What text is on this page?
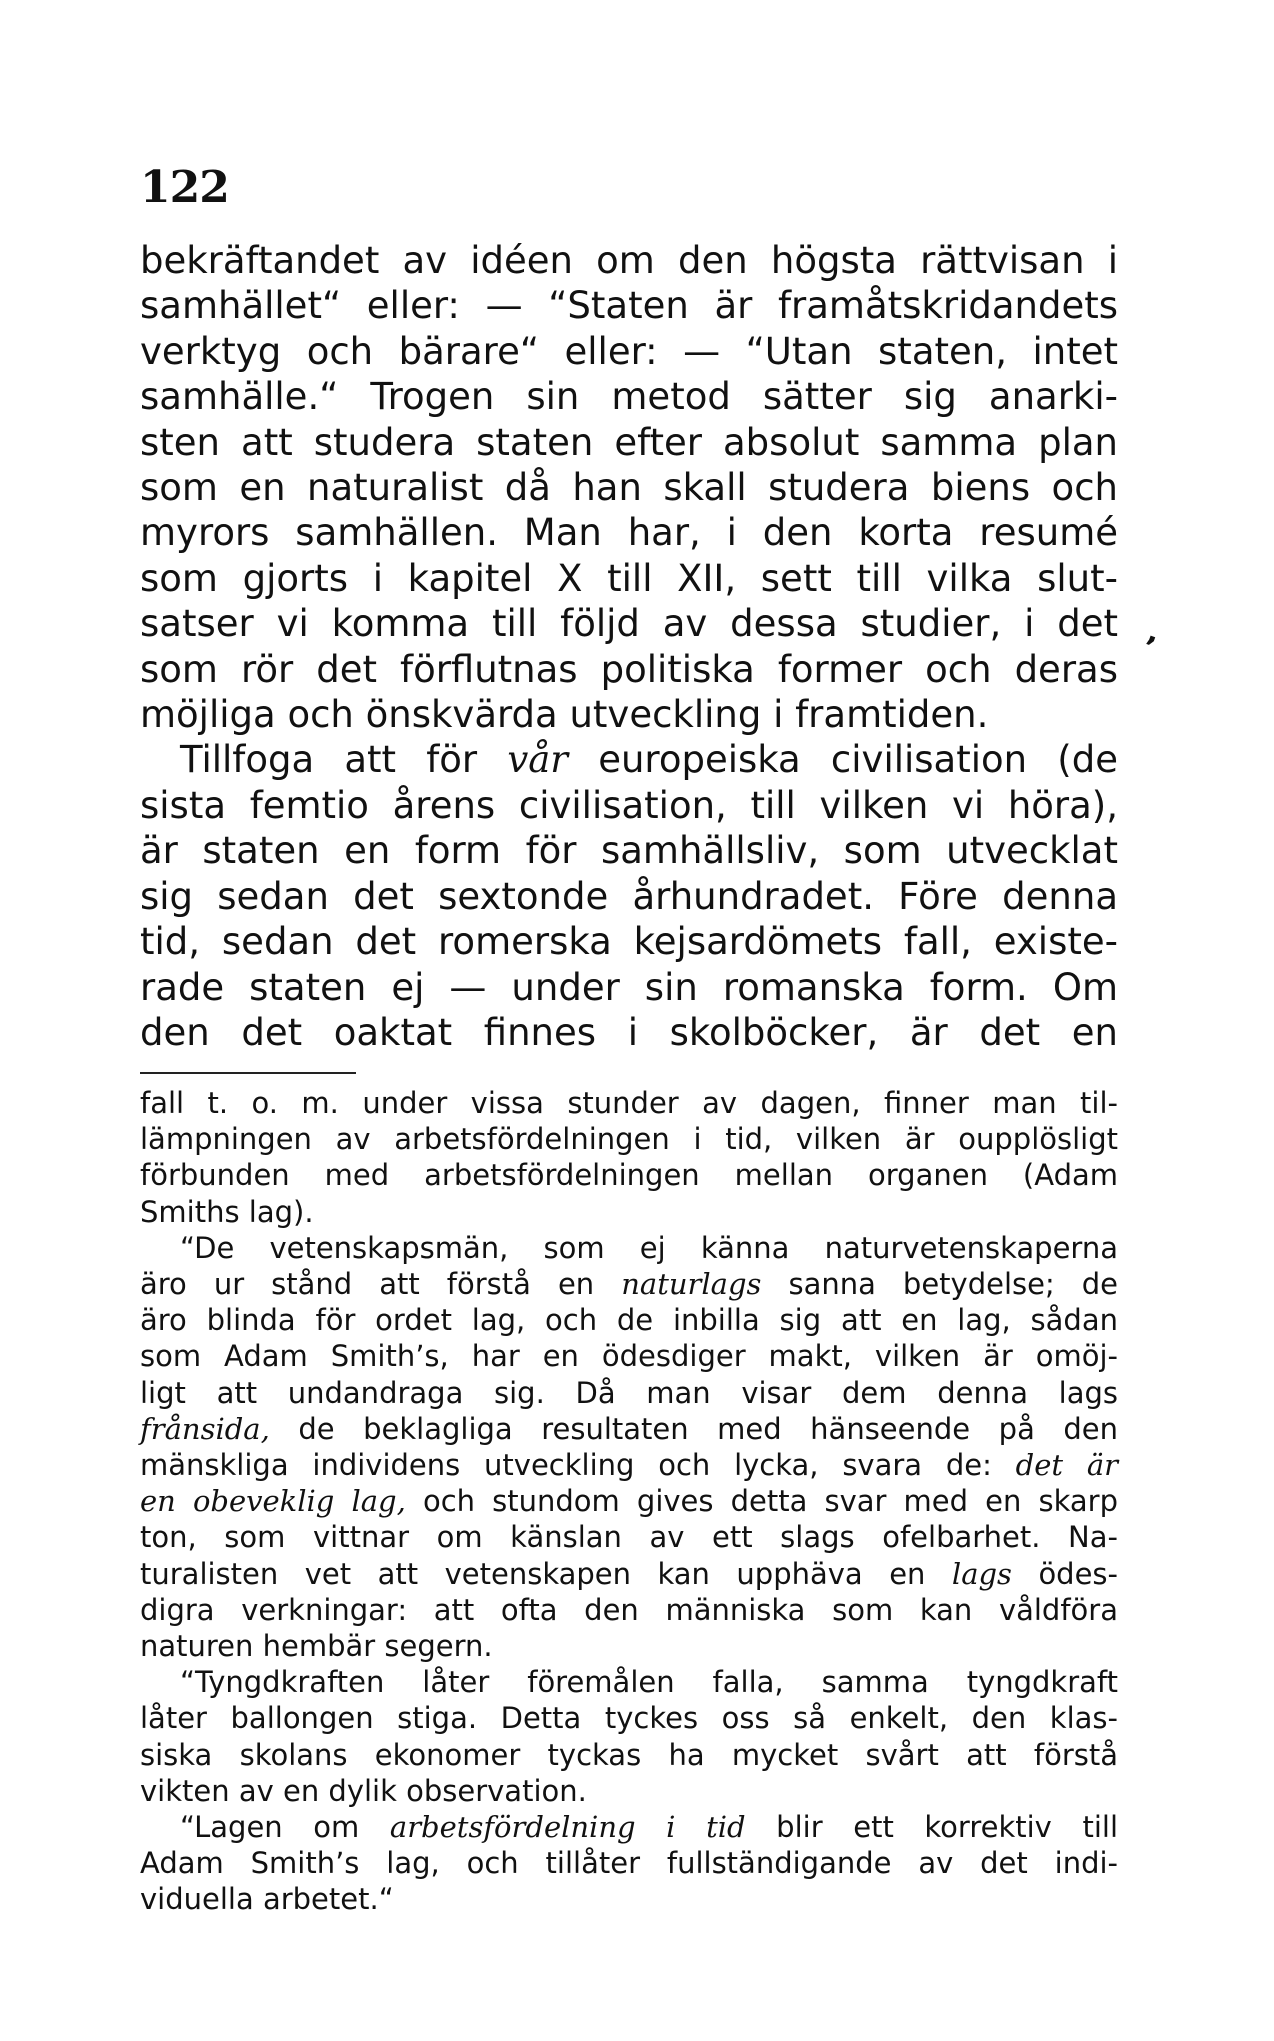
122
,
bekräftandet av idéen om den högsta rättvisan i
samhället“ eller: — “Staten är framåtskridandets
verktyg och bärare“ eller: — “Utan staten, intet
samhälle.“ Trogen sin metod sätter sig anarki-
sten att studera staten efter absolut samma plan
som en naturalist då han skall studera biens och
myrors samhällen. Man har, i den korta resumé
som gjorts i kapitel X till XII, sett till vilka slut-
satser vi komma till följd av dessa studier, i det
som rör det förflutnas politiska former och deras
möjliga och önskvärda utveckling i framtiden.
Tillfoga att för vår europeiska civilisation (de
sista femtio årens civilisation, till vilken vi höra),
är staten en form för samhällsliv, som utvecklat
sig sedan det sextonde århundradet. Före denna
tid, sedan det romerska kejsardömets fall, existe-
rade staten ej — under sin romanska form. Om
den det oaktat finnes i skolböcker, är det en
fall t. o. m. under vissa stunder av dagen, finner man til-
lämpningen av arbetsfördelningen i tid, vilken är oupplösligt
förbunden med arbetsfördelningen mellan organen (Adam
Smiths lag).
“De vetenskapsmän, som ej känna naturvetenskaperna
äro ur stånd att förstå en naturlags sanna betydelse; de
äro blinda för ordet lag, och de inbilla sig att en lag, sådan
som Adam Smith’s, har en ödesdiger makt, vilken är omöj-
ligt att undandraga sig. Då man visar dem denna lags
frånsida, de beklagliga resultaten med hänseende på den
mänskliga individens utveckling och lycka, svara de: det är
en obeveklig lag, och stundom gives detta svar med en skarp
ton, som vittnar om känslan av ett slags ofelbarhet. Na-
turalisten vet att vetenskapen kan upphäva en lags ödes-
digra verkningar: att ofta den människa som kan våldföra
naturen hembär segern.
“Tyngdkraften låter föremålen falla, samma tyngdkraft
låter ballongen stiga. Detta tyckes oss så enkelt, den klas-
siska skolans ekonomer tyckas ha mycket svårt att förstå
vikten av en dylik observation.
“Lagen om arbetsfördelning i tid blir ett korrektiv till
Adam Smith’s lag, och tillåter fullständigande av det indi-
viduella arbetet.“
